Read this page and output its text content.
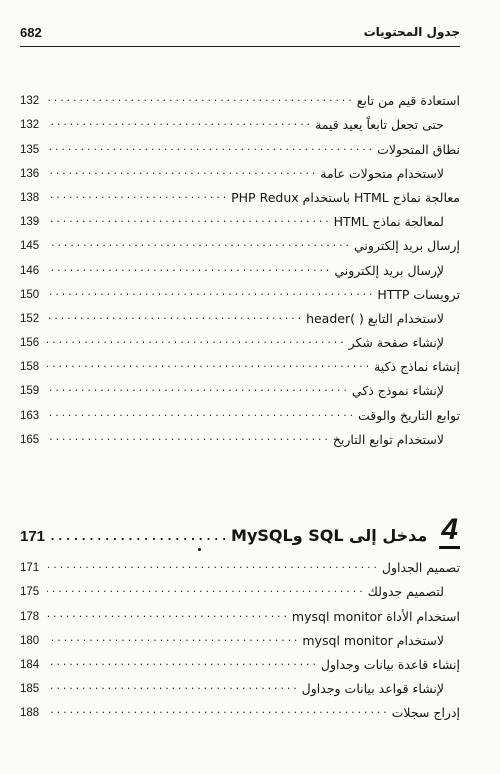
682	جدول المحتويات
استعادة قيم من تابع
.....
132
حتى تجعل تابعاً يعيد قيمة
.....
132
نطاق المتحولات
.....
135
لاستخدام متحولات عامة
.....
136
معالجة نماذج HTML باستخدام PHP Redux
.....
138
لمعالجة نماذج HTML
.....
139
إرسال بريد إلكتروني
.....
145
لإرسال بريد إلكتروني
.....
146
ترويسات HTTP
.....
150
لاستخدام التابع ( )header
.....
152
لإنشاء صفحة شكر
.....
156
إنشاء نماذج ذكية
.....
158
لإنشاء نموذج ذكي
.....
159
توابع التاريخ والوقت
.....
163
لاستخدام توابع التاريخ
.....
165
4
مدخل إلى SQL وMySQL
.....
171
تصميم الجداول
.....
171
لتصميم جدولك
.....
175
استخدام الأداة mysql monitor
.....
178
لاستخدام mysql monitor
.....
180
إنشاء قاعدة بيانات وجداول
.....
184
لإنشاء قواعد بيانات وجداول
.....
185
إدراج سجلات
.....
188
